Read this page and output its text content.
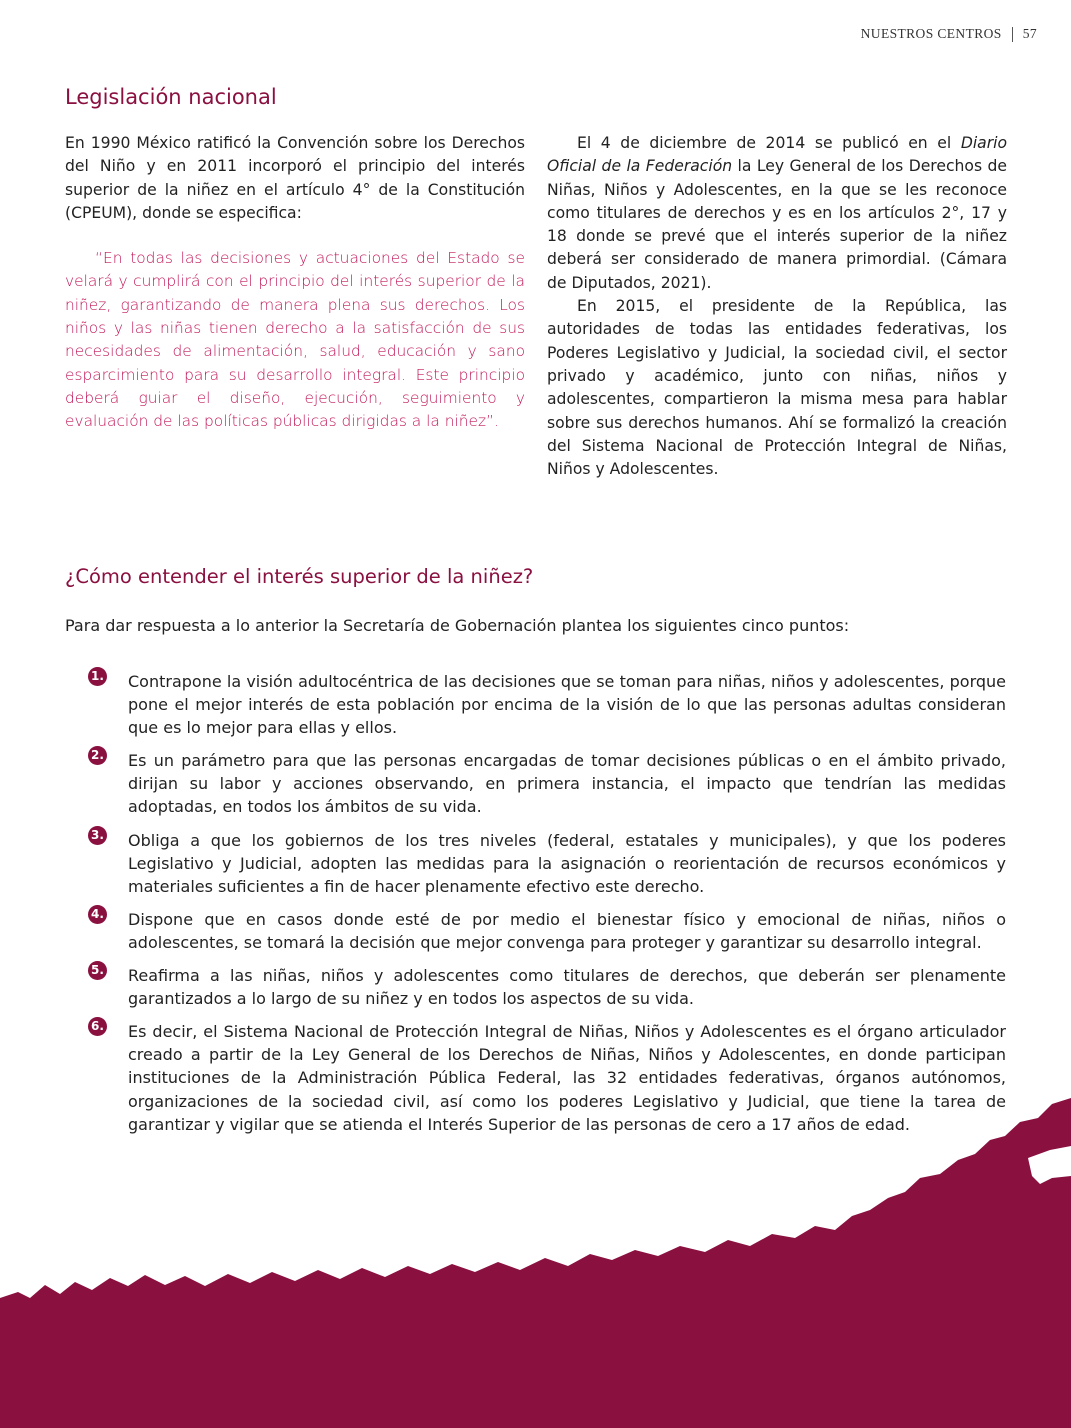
NUESTROS CENTROS 57
Legislación nacional

En 1990 México ratificó la Convención sobre los Derechos del Niño y en 2011 incorporó el principio del interés superior de la niñez en el artículo 4° de la Constitución (CPEUM), donde se especifica:

“En todas las decisiones y actuaciones del Estado se velará y cumplirá con el principio del interés superior de la niñez, garantizando de manera plena sus derechos. Los niños y las niñas tienen derecho a la satisfacción de sus necesidades de alimentación, salud, educación y sano esparcimiento para su desarrollo integral. Este principio deberá guiar el diseño, ejecución, seguimiento y evaluación de las políticas públicas dirigidas a la niñez”.

El 4 de diciembre de 2014 se publicó en el Diario Oficial de la Federación la Ley General de los Derechos de Niñas, Niños y Adolescentes, en la que se les reconoce como titulares de derechos y es en los artículos 2°, 17 y 18 donde se prevé que el interés superior de la niñez deberá ser considerado de manera primordial. (Cámara de Diputados, 2021).

En 2015, el presidente de la República, las autoridades de todas las entidades federativas, los Poderes Legislativo y Judicial, la sociedad civil, el sector privado y académico, junto con niñas, niños y adolescentes, compartieron la misma mesa para hablar sobre sus derechos humanos. Ahí se formalizó la creación del Sistema Nacional de Protección Integral de Niñas, Niños y Adolescentes.

¿Cómo entender el interés superior de la niñez?

Para dar respuesta a lo anterior la Secretaría de Gobernación plantea los siguientes cinco puntos:

1. Contrapone la visión adultocéntrica de las decisiones que se toman para niñas, niños y adolescentes, porque pone el mejor interés de esta población por encima de la visión de lo que las personas adultas consideran que es lo mejor para ellas y ellos.
2. Es un parámetro para que las personas encargadas de tomar decisiones públicas o en el ámbito privado, dirijan su labor y acciones observando, en primera instancia, el impacto que tendrían las medidas adoptadas, en todos los ámbitos de su vida.
3. Obliga a que los gobiernos de los tres niveles (federal, estatales y municipales), y que los poderes Legislativo y Judicial, adopten las medidas para la asignación o reorientación de recursos económicos y materiales suficientes a fin de hacer plenamente efectivo este derecho.
4. Dispone que en casos donde esté de por medio el bienestar físico y emocional de niñas, niños o adolescentes, se tomará la decisión que mejor convenga para proteger y garantizar su desarrollo integral.
5. Reafirma a las niñas, niños y adolescentes como titulares de derechos, que deberán ser plenamente garantizados a lo largo de su niñez y en todos los aspectos de su vida.
6. Es decir, el Sistema Nacional de Protección Integral de Niñas, Niños y Adolescentes es el órgano articulador creado a partir de la Ley General de los Derechos de Niñas, Niños y Adolescentes, en donde participan instituciones de la Administración Pública Federal, las 32 entidades federativas, órganos autónomos, organizaciones de la sociedad civil, así como los poderes Legislativo y Judicial, que tiene la tarea de garantizar y vigilar que se atienda el Interés Superior de las personas de cero a 17 años de edad.
